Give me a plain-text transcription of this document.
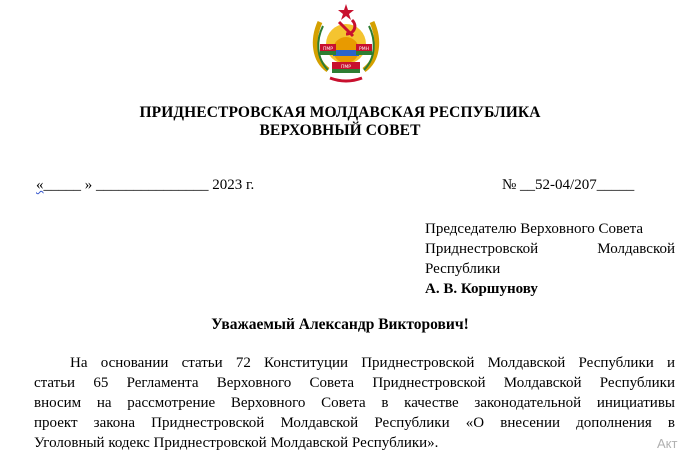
ПМР	РМН
ПМР
ПРИДНЕСТРОВСКАЯ МОЛДАВСКАЯ РЕСПУБЛИКА
ВЕРХОВНЫЙ СОВЕТ
«_____ » _______________ 2023 г.	№ __52-04/207_____
Председателю Верховного Совета
Приднестровской	Молдавской
Республики
А. В. Коршунову
Уважаемый Александр Викторович!
На основании статьи 72 Конституции Приднестровской Молдавской Республики и
статьи 65 Регламента Верховного Совета Приднестровской Молдавской Республики
вносим на рассмотрение Верховного Совета в качестве законодательной инициативы
проект закона Приднестровской Молдавской Республики «О внесении дополнения в
Уголовный кодекс Приднестровской Молдавской Республики».	Акт
